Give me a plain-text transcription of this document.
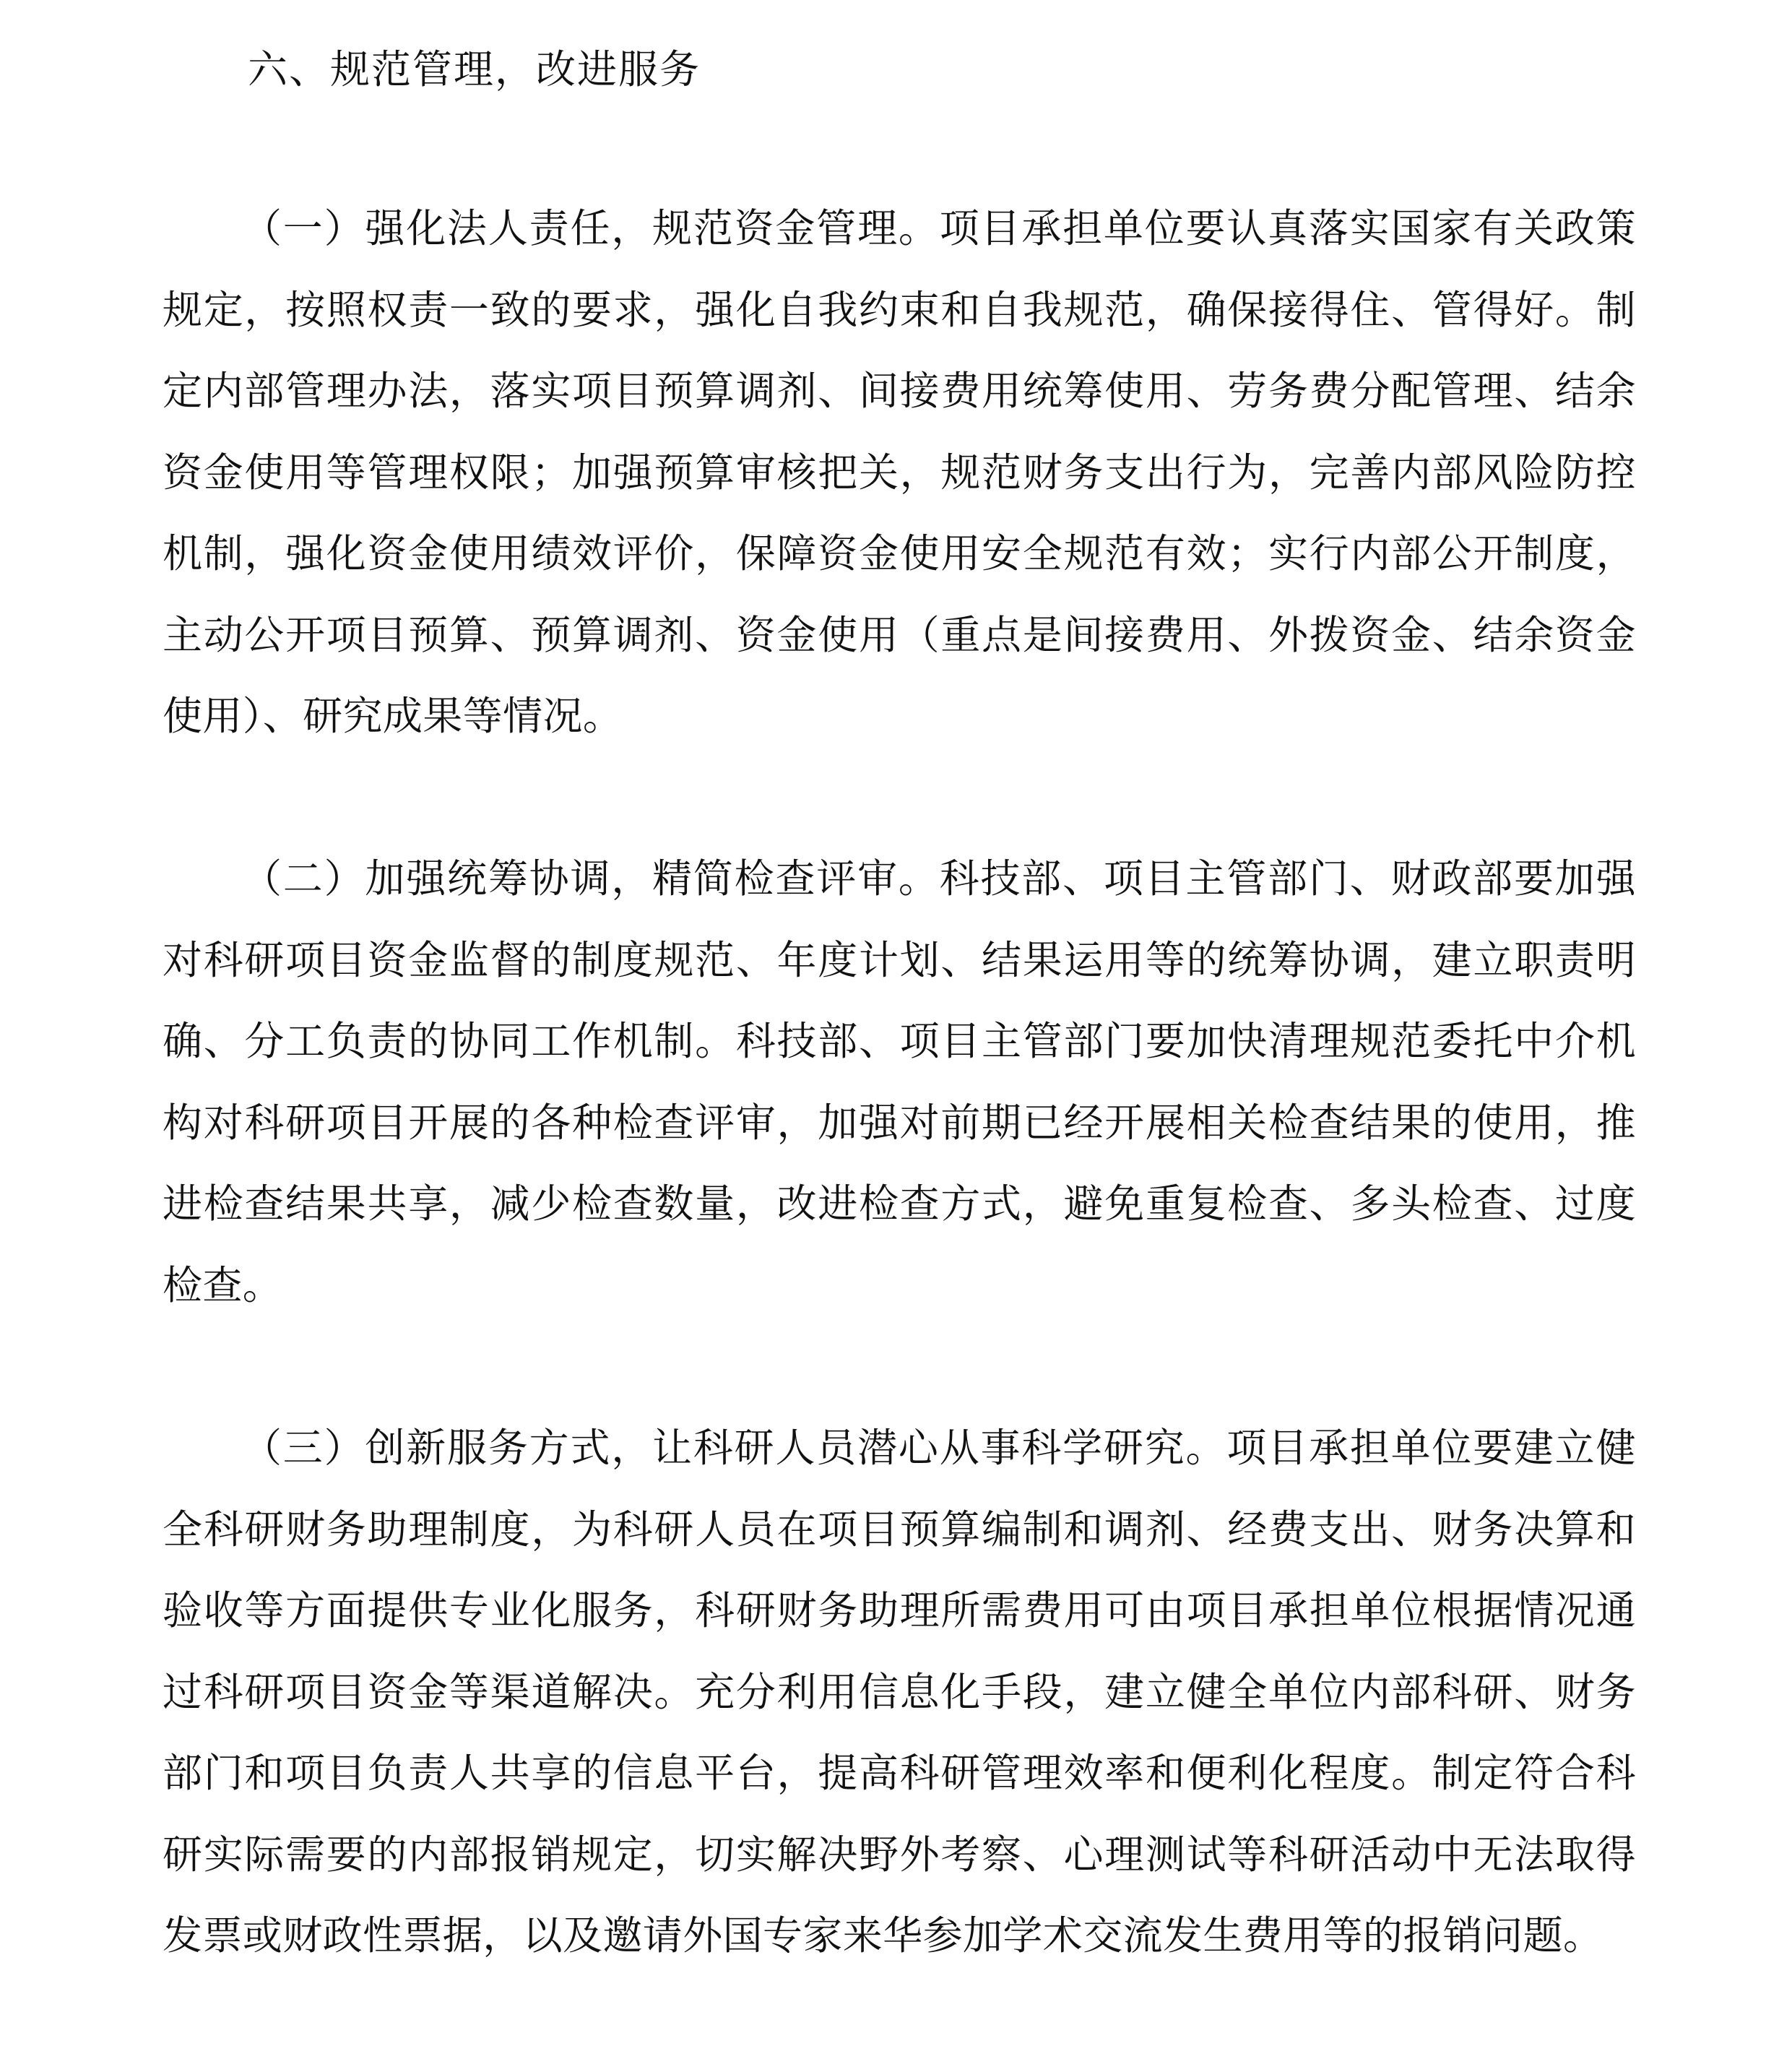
六、规范管理，改进服务

（一）强化法人责任，规范资金管理。项目承担单位要认真落实国家有关政策规定，按照权责一致的要求，强化自我约束和自我规范，确保接得住、管得好。制定内部管理办法，落实项目预算调剂、间接费用统筹使用、劳务费分配管理、结余资金使用等管理权限；加强预算审核把关，规范财务支出行为，完善内部风险防控机制，强化资金使用绩效评价，保障资金使用安全规范有效；实行内部公开制度，主动公开项目预算、预算调剂、资金使用（重点是间接费用、外拨资金、结余资金使用）、研究成果等情况。

（二）加强统筹协调，精简检查评审。科技部、项目主管部门、财政部要加强对科研项目资金监督的制度规范、年度计划、结果运用等的统筹协调，建立职责明确、分工负责的协同工作机制。科技部、项目主管部门要加快清理规范委托中介机构对科研项目开展的各种检查评审，加强对前期已经开展相关检查结果的使用，推进检查结果共享，减少检查数量，改进检查方式，避免重复检查、多头检查、过度检查。

（三）创新服务方式，让科研人员潜心从事科学研究。项目承担单位要建立健全科研财务助理制度，为科研人员在项目预算编制和调剂、经费支出、财务决算和验收等方面提供专业化服务，科研财务助理所需费用可由项目承担单位根据情况通过科研项目资金等渠道解决。充分利用信息化手段，建立健全单位内部科研、财务部门和项目负责人共享的信息平台，提高科研管理效率和便利化程度。制定符合科研实际需要的内部报销规定，切实解决野外考察、心理测试等科研活动中无法取得发票或财政性票据，以及邀请外国专家来华参加学术交流发生费用等的报销问题。
